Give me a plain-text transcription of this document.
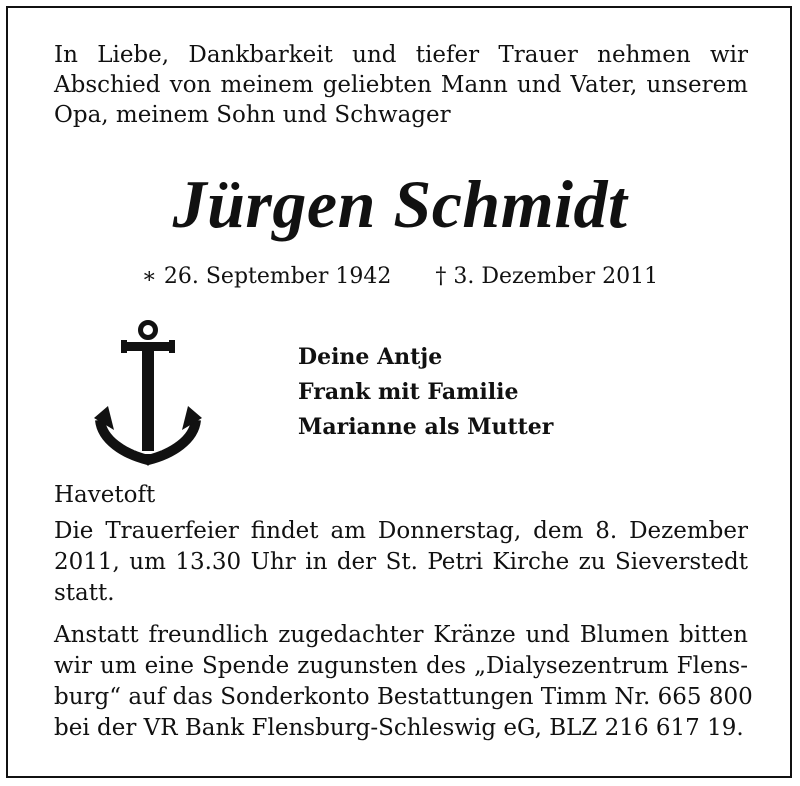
In Liebe, Dankbarkeit und tiefer Trauer nehmen wir
Abschied von meinem geliebten Mann und Vater, unserem
Opa, meinem Sohn und Schwager

Jürgen Schmidt
∗ 26. September 1942 † 3. Dezember 2011
Deine Antje
Frank mit Familie
Marianne als Mutter
Havetoft

Die Trauerfeier findet am Donnerstag, dem 8. Dezember
2011, um 13.30 Uhr in der St. Petri Kirche zu Sieverstedt
statt.

Anstatt freundlich zugedachter Kränze und Blumen bitten
wir um eine Spende zugunsten des „Dialysezentrum Flens-
burg“ auf das Sonderkonto Bestattungen Timm Nr. 665 800
bei der VR Bank Flensburg-Schleswig eG, BLZ 216 617 19.
